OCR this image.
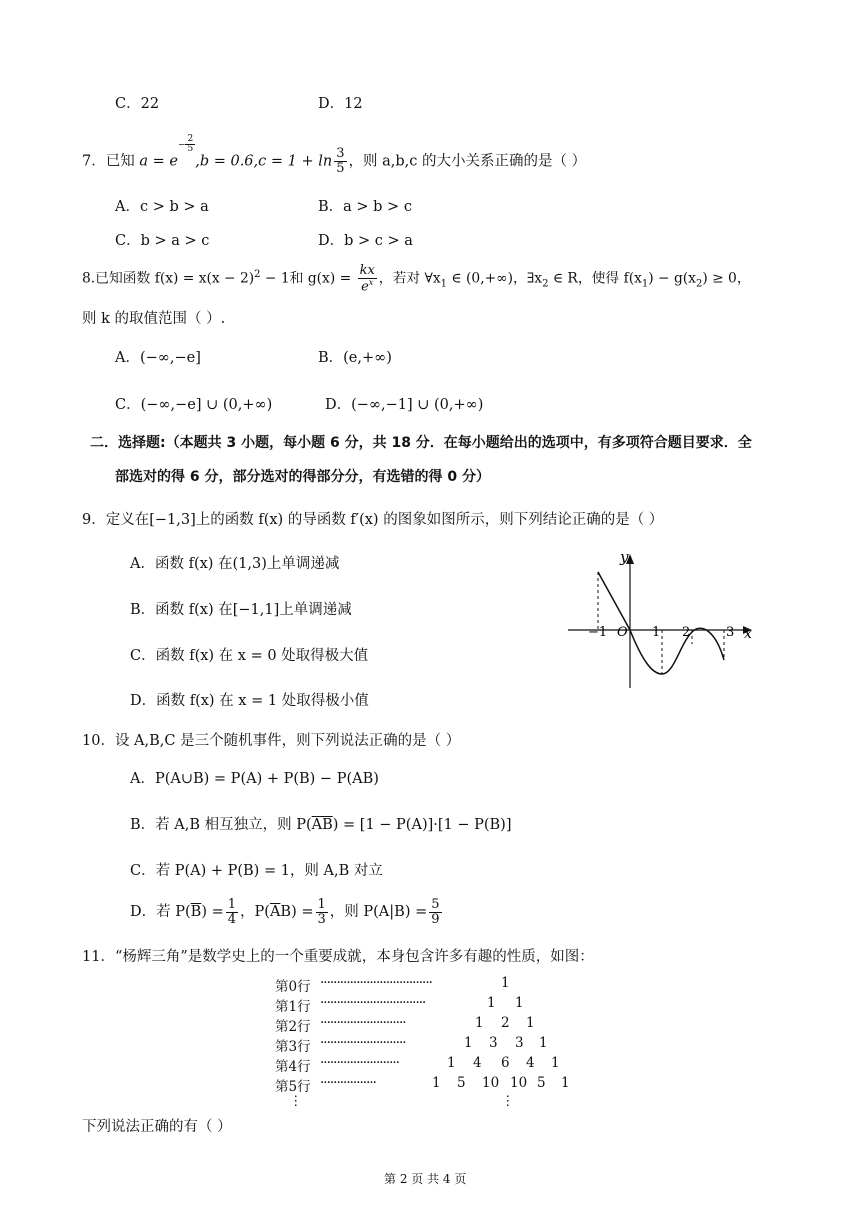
C．22	D．12
7．已知 $a = e- \frac{2}{5}$
$,b = 0.6,c = 1 + \ln \frac{3}{5}$ ，则 a,b,c 的大小关系正确的是（ ）
A．c > b > a	B．a > b > c
C．b > a > c	D．b > c > a
8.已知函数 $f(x) = x(x - 2)^2 - 1$和 $g(x) = \frac{kx}{e^x}$ ，若对 $\forall x_1$ ∈ (0,+∞)，$\exists x_2$ ∈ R，使得 $f(x_1) - g(x_2) \ge 0$，
则 k 的取值范围（ ）.
A．(−∞,−e]	B．(e,+∞)
C．(−∞,−e] ∪ (0,+∞)	D．(−∞,−1] ∪ (0,+∞)
二．选择题:（本题共 3 小题，每小题 6 分，共 18 分．在每小题给出的选项中，有多项符合题目要求．全
部选对的得 6 分，部分选对的得部分分，有选错的得 0 分）
9．定义在[−1,3]上的函数 f(x) 的导函数 f′(x) 的图象如图所示，则下列结论正确的是（ ）
A．函数 f(x) 在(1,3)上单调递减
B．函数 f(x) 在[−1,1]上单调递减
C．函数 f(x) 在 x = 0 处取得极大值
D．函数 f(x) 在 x = 1 处取得极小值
y
x
O
−1	1 2	3
10．设 A,B,C 是三个随机事件，则下列说法正确的是（ ）
A．P(A∪B) = P(A) + P(B) − P(AB)
B．若 A,B 相互独立，则 $P(\overline{AB}) = [1 - P(A)]\cdot[1 - P(B)]$
C．若 P(A) + P(B) = 1，则 A,B 对立
D．若 $P(\overline{B}) = \frac{1}{4}$ ，$P(\overline{A}B) = \frac{1}{3}$ ，则 $P(A|B) = \frac{5}{9}$
11．“杨辉三角”是数学史上的一个重要成就，本身包含许多有趣的性质，如图：
第0行 ··································	1
第1行 ································	1 1
第2行 ··························	1 2 1
第3行 ··························	1 3 3 1
第4行 ························	1 4 6 4 1
第5行 ·················	1 5 10 10 5 1
⋮	⋮
下列说法正确的有（ ）
第 2 页 共 4 页
